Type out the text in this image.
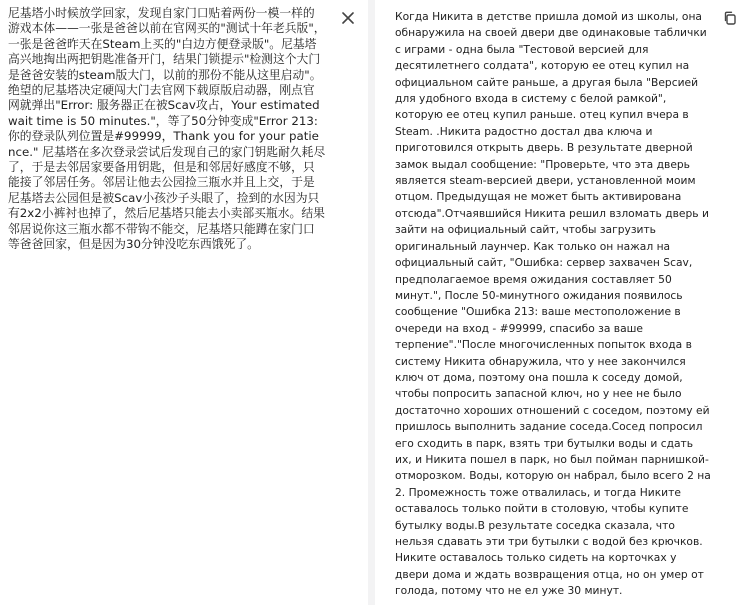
尼基塔小时候放学回家，发现自家门口贴着两份一模一样的游戏本体——一张是爸爸以前在官网买的"测试十年老兵版"，一张是爸爸昨天在Steam上买的"白边方便登录版"。尼基塔高兴地掏出两把钥匙准备开门，结果门锁提示"检测这个大门是爸爸安装的steam版大门，以前的那份不能从这里启动"。绝望的尼基塔决定硬闯大门去官网下载原版启动器，刚点官网就弹出"Error: 服务器正在被Scav攻占，Your estimated wait time is 50 minutes."，等了50分钟变成"Error 213: 你的登录队列位置是#99999，Thank you for your patience." 尼基塔在多次登录尝试后发现自己的家门钥匙耐久耗尽了，于是去邻居家要备用钥匙，但是和邻居好感度不够，只能接了邻居任务。邻居让他去公园捡三瓶水并且上交，于是尼基塔去公园但是被Scav小孩沙子头眼了，捡到的水因为只有2x2小裤衬也掉了，然后尼基塔只能去小卖部买瓶水。结果邻居说你这三瓶水都不带钩不能交，尼基塔只能蹲在家门口等爸爸回家，但是因为30分钟没吃东西饿死了。

Когда Никита в детстве пришла домой из школы, она обнаружила на своей двери две одинаковые таблички с играми - одна была "Тестовой версией для десятилетнего солдата", которую ее отец купил на официальном сайте раньше, а другая была "Версией для удобного входа в систему с белой рамкой", которую ее отец купил раньше. отец купил вчера в Steam. .Никита радостно достал два ключа и приготовился открыть дверь. В результате дверной замок выдал сообщение: "Проверьте, что эта дверь является steam-версией двери, установленной моим отцом. Предыдущая не может быть активирована отсюда".Отчаявшийся Никита решил взломать дверь и зайти на официальный сайт, чтобы загрузить оригинальный лаунчер. Как только он нажал на официальный сайт, "Ошибка: сервер захвачен Scav, предполагаемое время ожидания составляет 50 минут.", После 50-минутного ожидания появилось сообщение "Ошибка 213: ваше местоположение в очереди на вход - #99999, спасибо за ваше терпение"."После многочисленных попыток входа в систему Никита обнаружила, что у нее закончился ключ от дома, поэтому она пошла к соседу домой, чтобы попросить запасной ключ, но у нее не было достаточно хороших отношений с соседом, поэтому ей пришлось выполнить задание соседа.Сосед попросил его сходить в парк, взять три бутылки воды и сдать их, и Никита пошел в парк, но был пойман парнишкой-отморозком. Воды, которую он набрал, было всего 2 на 2. Промежность тоже отвалилась, и тогда Никите оставалось только пойти в столовую, чтобы купите бутылку воды.В результате соседка сказала, что нельзя сдавать эти три бутылки с водой без крючков. Никите оставалось только сидеть на корточках у двери дома и ждать возвращения отца, но он умер от голода, потому что не ел уже 30 минут.
